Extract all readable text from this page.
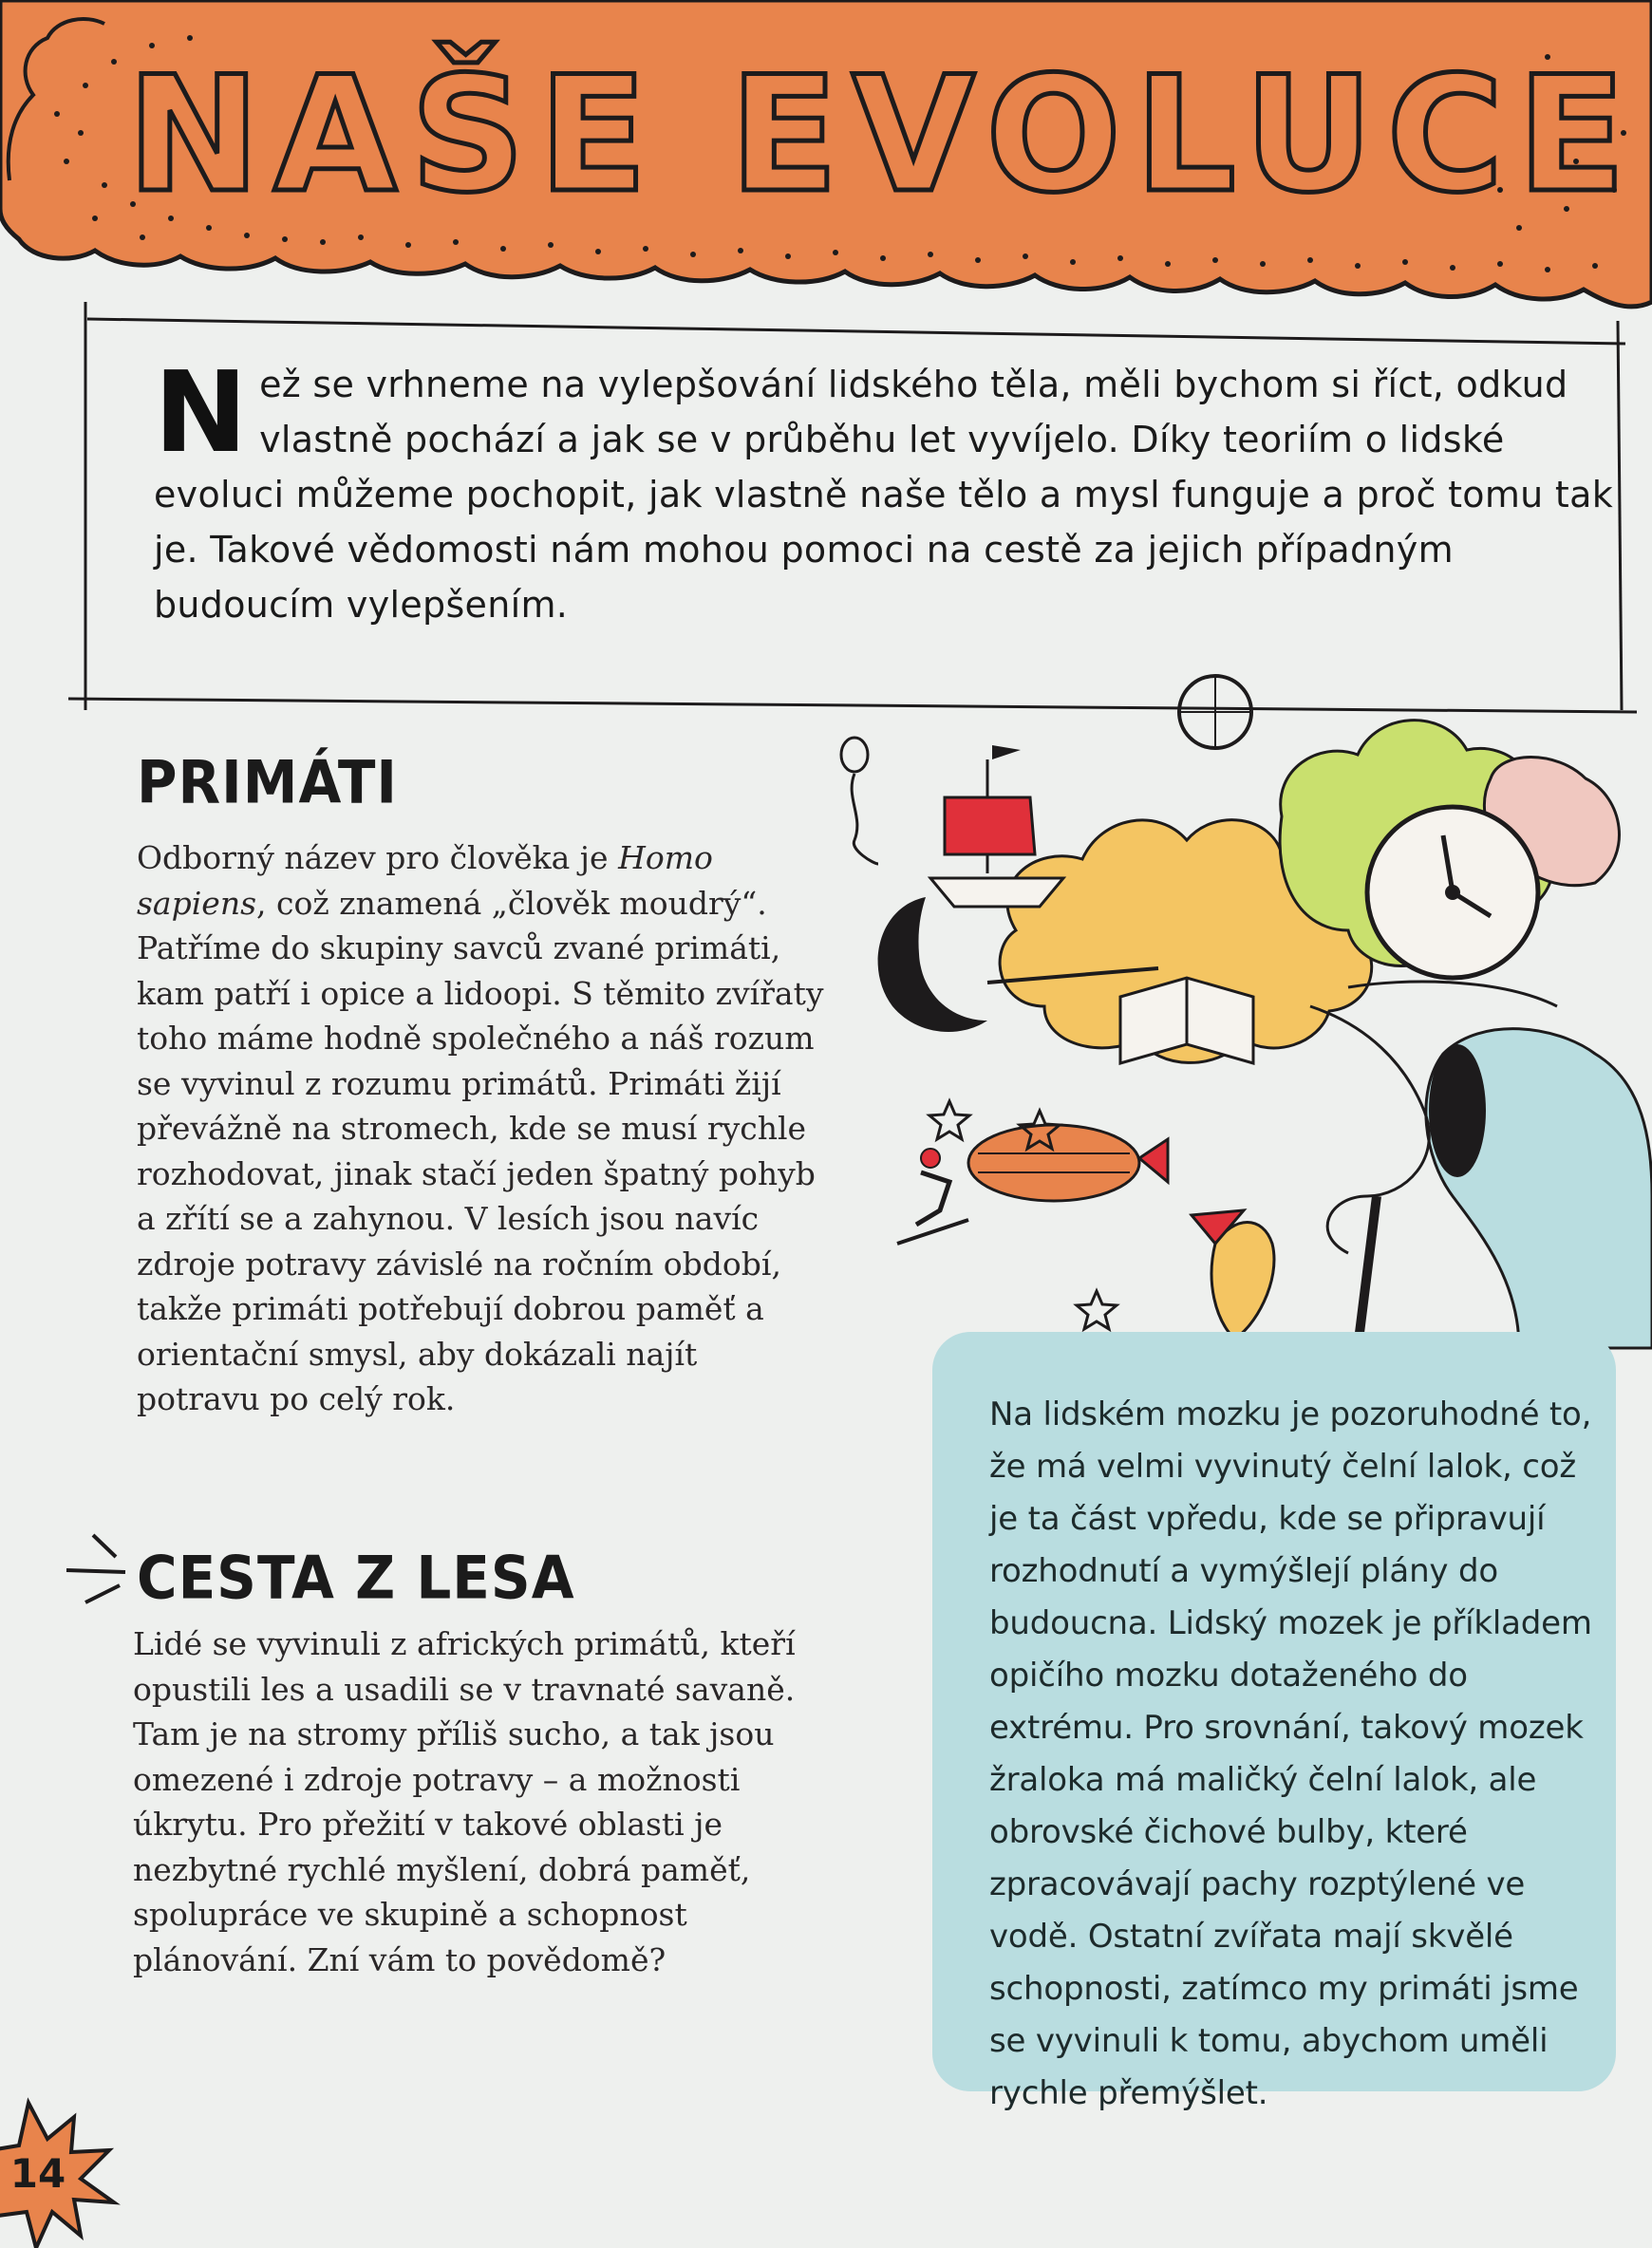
NAŠE EVOLUCE
Než se vrhneme na vylepšování lidského těla, měli bychom si říct, odkud vlastně pochází a jak se v průběhu let vyvíjelo. Díky teoriím o lidské evoluci můžeme pochopit, jak vlastně naše tělo a mysl funguje a proč tomu tak je. Takové vědomosti nám mohou pomoci na cestě za jejich případným budoucím vylepšením.
PRIMÁTI
Odborný název pro člověka je Homo sapiens, což znamená „člověk moudrý“. Patříme do skupiny savců zvané primáti, kam patří i opice a lidoopi. S těmito zvířaty toho máme hodně společného a náš rozum se vyvinul z rozumu primátů. Primáti žijí převážně na stromech, kde se musí rychle rozhodovat, jinak stačí jeden špatný pohyb a zřítí se a zahynou. V lesích jsou navíc zdroje potravy závislé na ročním období, takže primáti potřebují dobrou paměť a orientační smysl, aby dokázali najít potravu po celý rok.
CESTA Z LESA
Lidé se vyvinuli z afrických primátů, kteří opustili les a usadili se v travnaté savaně. Tam je na stromy příliš sucho, a tak jsou omezené i zdroje potravy – a možnosti úkrytu. Pro přežití v takové oblasti je nezbytné rychlé myšlení, dobrá paměť, spolupráce ve skupině a schopnost plánování. Zní vám to povědomě?
Na lidském mozku je pozoruhodné to, že má velmi vyvinutý čelní lalok, což je ta část vpředu, kde se připravují rozhodnutí a vymýšlejí plány do budoucna. Lidský mozek je příkladem opičího mozku dotaženého do extrému. Pro srovnání, takový mozek žraloka má maličký čelní lalok, ale obrovské čichové bulby, které zpracovávají pachy rozptýlené ve vodě. Ostatní zvířata mají skvělé schopnosti, zatímco my primáti jsme se vyvinuli k tomu, abychom uměli rychle přemýšlet.
14
